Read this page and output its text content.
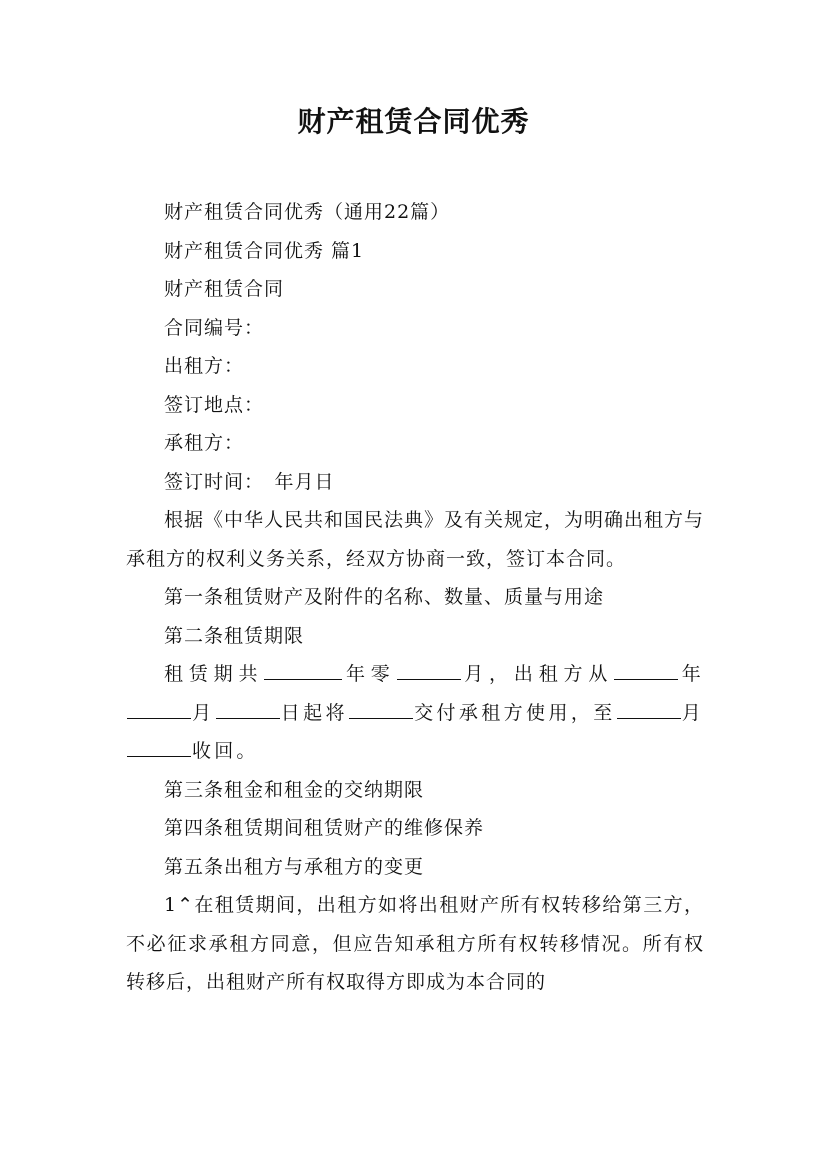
财产租赁合同优秀

财产租赁合同优秀（通用22篇）

财产租赁合同优秀 篇1

财产租赁合同

合同编号：

出租方：

签订地点：

承租方：

签订时间：　年月日

根据《中华人民共和国民法典》及有关规定，为明确出租方与承租方的权利义务关系，经双方协商一致，签订本合同。

第一条租赁财产及附件的名称、数量、质量与用途

第二条租赁期限

租赁期共	年零	月，出租方从	年月	日起将	交付承租方使用，至	月收回。

第三条租金和租金的交纳期限

第四条租赁期间租赁财产的维修保养

第五条出租方与承租方的变更

1⌃在租赁期间，出租方如将出租财产所有权转移给第三方，不必征求承租方同意，但应告知承租方所有权转移情况。所有权转移后，出租财产所有权取得方即成为本合同的
